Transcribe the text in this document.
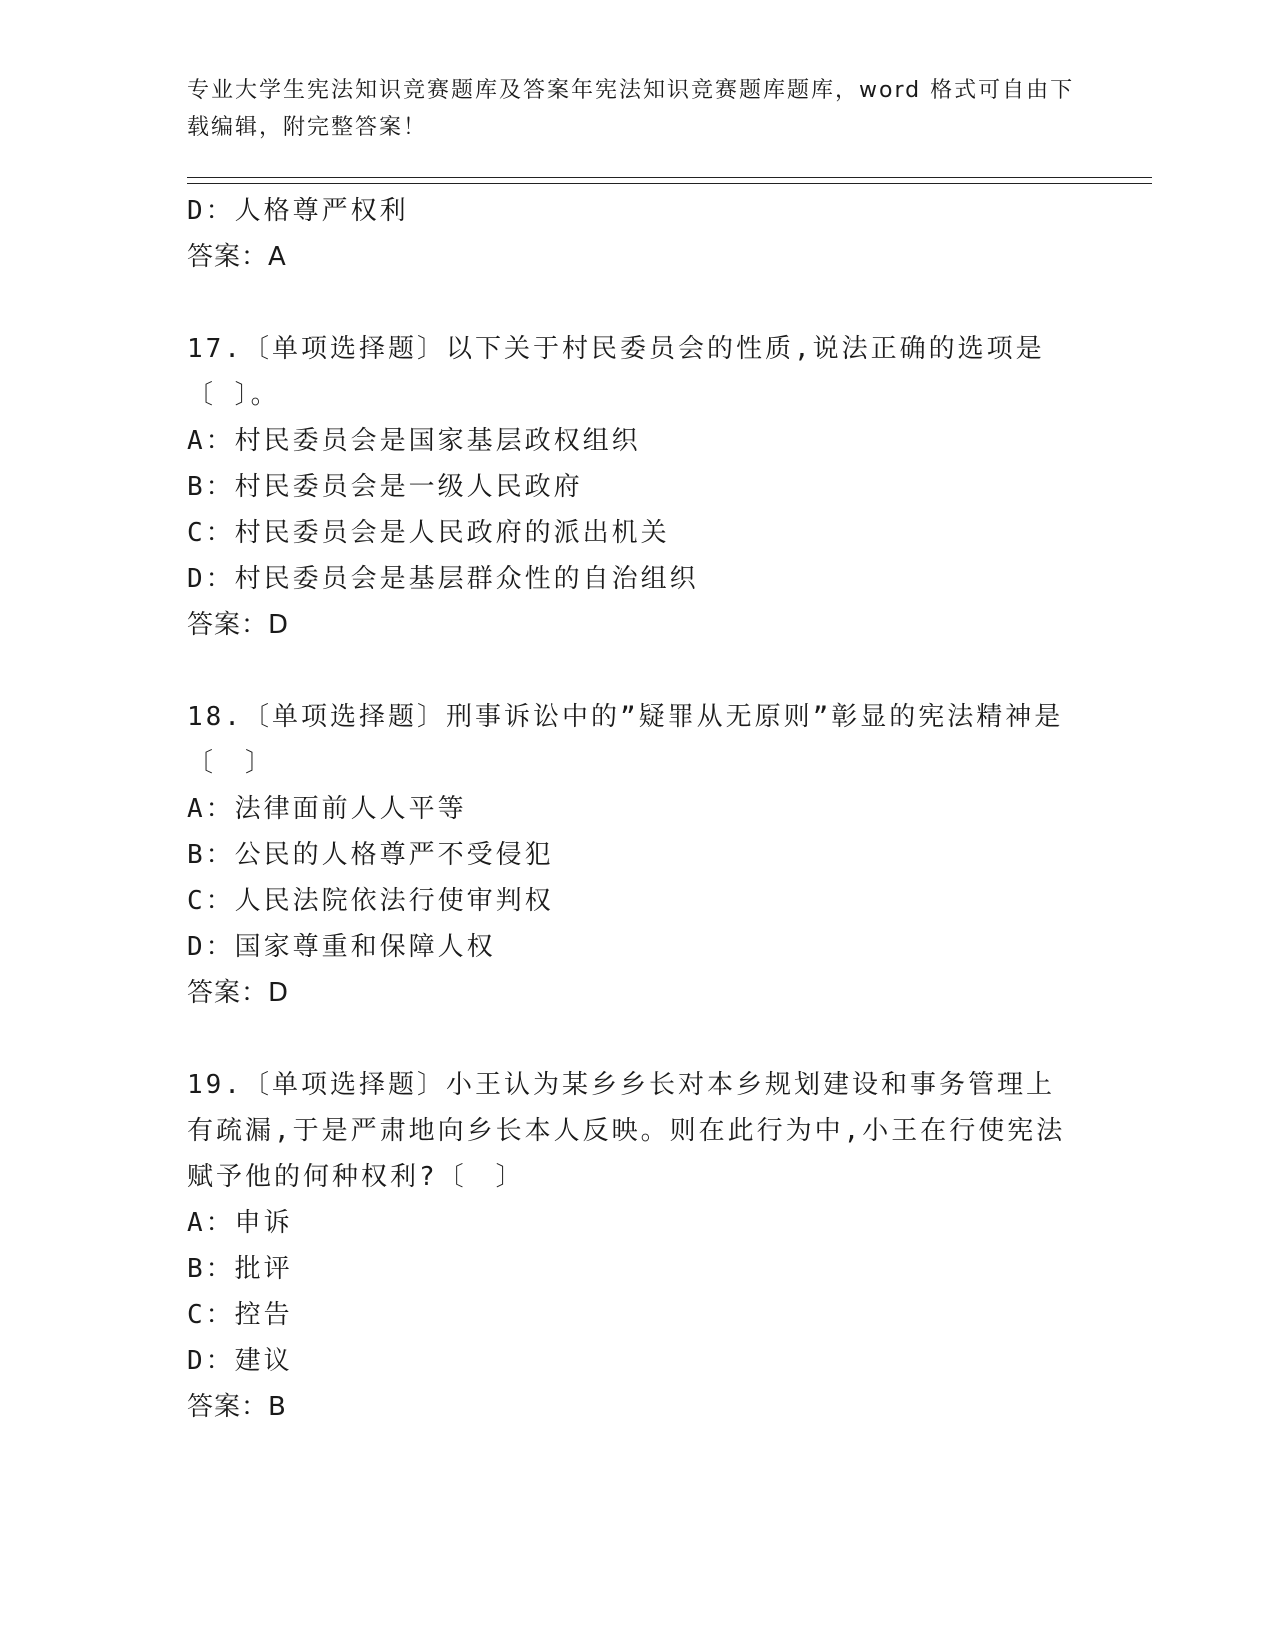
专业大学生宪法知识竞赛题库及答案年宪法知识竞赛题库题库，word 格式可自由下载编辑，附完整答案！
D：人格尊严权利
答案：A
17.〔单项选择题〕以下关于村民委员会的性质,说法正确的选项是〔 〕。
A：村民委员会是国家基层政权组织
B：村民委员会是一级人民政府
C：村民委员会是人民政府的派出机关
D：村民委员会是基层群众性的自治组织
答案：D
18.〔单项选择题〕刑事诉讼中的”疑罪从无原则”彰显的宪法精神是〔　〕
A：法律面前人人平等
B：公民的人格尊严不受侵犯
C：人民法院依法行使审判权
D：国家尊重和保障人权
答案：D
19.〔单项选择题〕小王认为某乡乡长对本乡规划建设和事务管理上有疏漏,于是严肃地向乡长本人反映。则在此行为中,小王在行使宪法赋予他的何种权利?〔　〕
A：申诉
B：批评
C：控告
D：建议
答案：B
